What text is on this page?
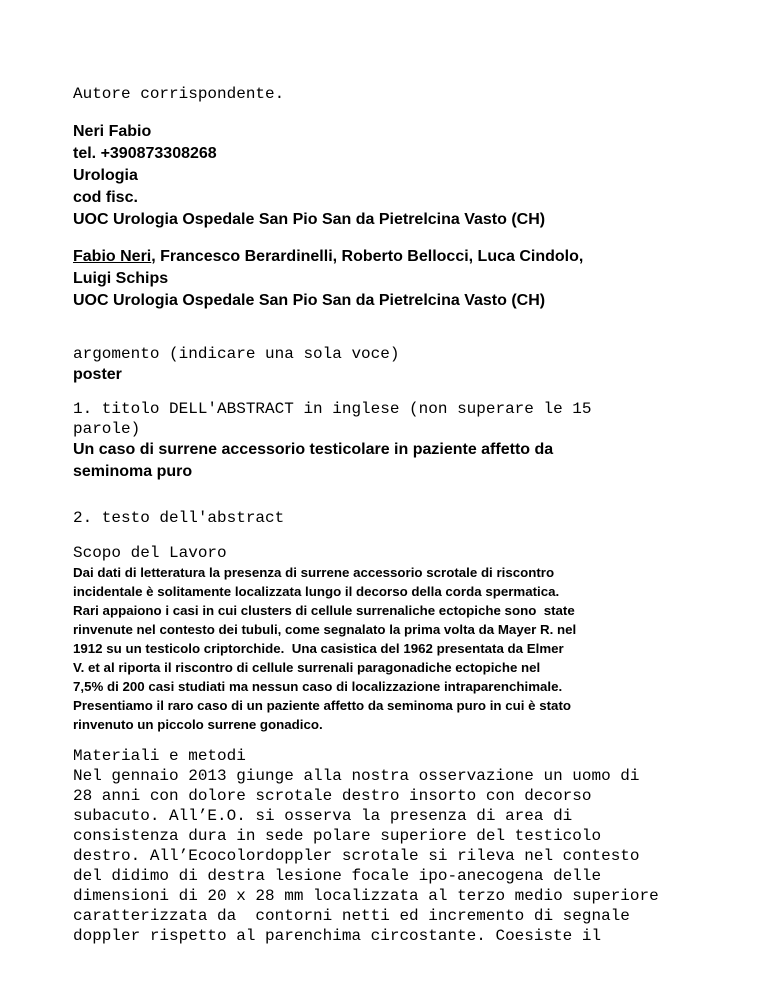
Autore corrispondente.

Neri Fabio

tel. +390873308268

Urologia

cod fisc.

UOC Urologia Ospedale San Pio San da Pietrelcina Vasto (CH)

Fabio Neri, Francesco Berardinelli, Roberto Bellocci, Luca Cindolo,

Luigi Schips

UOC Urologia Ospedale San Pio San da Pietrelcina Vasto (CH)

argomento (indicare una sola voce)

poster

1. titolo DELL'ABSTRACT in inglese (non superare le 15

parole)

Un caso di surrene accessorio testicolare in paziente affetto da

seminoma puro

2. testo dell'abstract

Scopo del Lavoro

Dai dati di letteratura la presenza di surrene accessorio scrotale di riscontro

incidentale è solitamente localizzata lungo il decorso della corda spermatica.

Rari appaiono i casi in cui clusters di cellule surrenaliche ectopiche sono  state

rinvenute nel contesto dei tubuli, come segnalato la prima volta da Mayer R. nel

1912 su un testicolo criptorchide.  Una casistica del 1962 presentata da Elmer

V. et al riporta il riscontro di cellule surrenali paragonadiche ectopiche nel

7,5% di 200 casi studiati ma nessun caso di localizzazione intraparenchimale.

Presentiamo il raro caso di un paziente affetto da seminoma puro in cui è stato

rinvenuto un piccolo surrene gonadico.

Materiali e metodi

Nel gennaio 2013 giunge alla nostra osservazione un uomo di

28 anni con dolore scrotale destro insorto con decorso

subacuto. All’E.O. si osserva la presenza di area di

consistenza dura in sede polare superiore del testicolo

destro. All’Ecocolordoppler scrotale si rileva nel contesto

del didimo di destra lesione focale ipo-anecogena delle

dimensioni di 20 x 28 mm localizzata al terzo medio superiore

caratterizzata da  contorni netti ed incremento di segnale

doppler rispetto al parenchima circostante. Coesiste il
